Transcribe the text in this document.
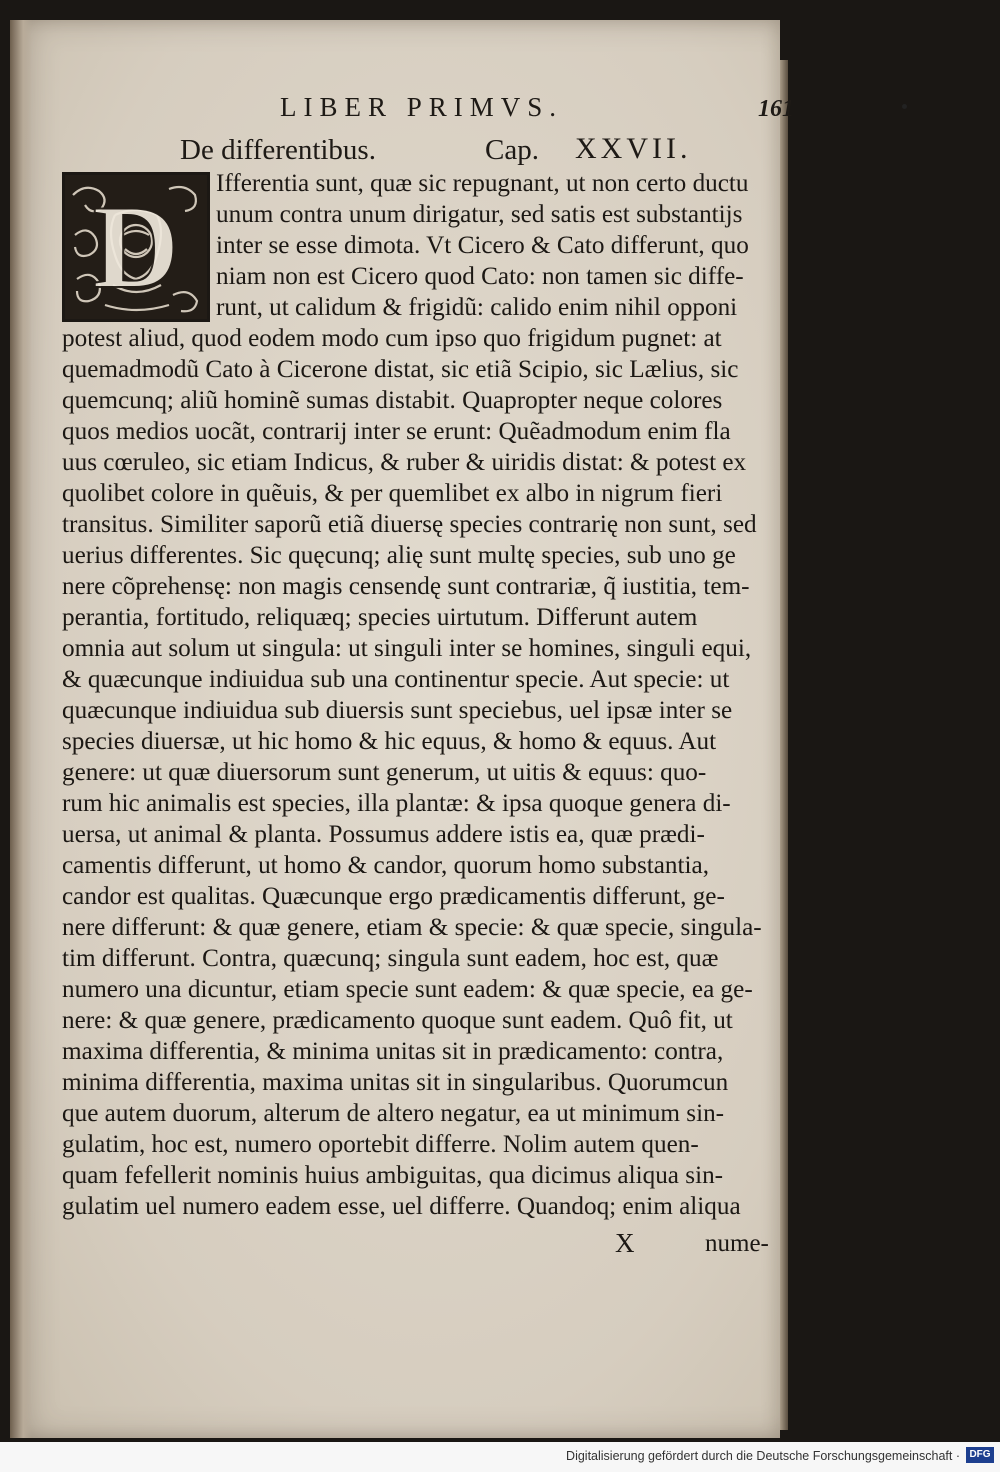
LIBER PRIMVS.	161
De differentibus.	Cap. XXVII.
D	Ifferentia sunt, quæ sic repugnant, ut non certo ductu
unum contra unum dirigatur, sed satis est substantijs
inter se esse dimota. Vt Cicero & Cato differunt, quo
niam non est Cicero quod Cato: non tamen sic diffe-
runt, ut calidum & frigidũ: calido enim nihil opponi
potest aliud, quod eodem modo cum ipso quo frigidum pugnet: at
quemadmodũ Cato à Cicerone distat, sic etiã Scipio, sic Lælius, sic
quemcunq; aliũ hominẽ sumas distabit. Quapropter neque colores
quos medios uocãt, contrarij inter se erunt: Quẽadmodum enim fla
uus cœruleo, sic etiam Indicus, & ruber & uiridis distat: & potest ex
quolibet colore in quẽuis, & per quemlibet ex albo in nigrum fieri
transitus. Similiter saporũ etiã diuersę species contrarię non sunt, sed
uerius differentes. Sic quęcunq; alię sunt multę species, sub uno ge
nere cõprehensę: non magis censendę sunt contrariæ, q̃ iustitia, tem-
perantia, fortitudo, reliquæq; species uirtutum. Differunt autem
omnia aut solum ut singula: ut singuli inter se homines, singuli equi,
& quæcunque indiuidua sub una continentur specie. Aut specie: ut
quæcunque indiuidua sub diuersis sunt speciebus, uel ipsæ inter se
species diuersæ, ut hic homo & hic equus, & homo & equus. Aut
genere: ut quæ diuersorum sunt generum, ut uitis & equus: quo-
rum hic animalis est species, illa plantæ: & ipsa quoque genera di-
uersa, ut animal & planta. Possumus addere istis ea, quæ prædi-
camentis differunt, ut homo & candor, quorum homo substantia,
candor est qualitas. Quæcunque ergo prædicamentis differunt, ge-
nere differunt: & quæ genere, etiam & specie: & quæ specie, singula-
tim differunt. Contra, quæcunq; singula sunt eadem, hoc est, quæ
numero una dicuntur, etiam specie sunt eadem: & quæ specie, ea ge-
nere: & quæ genere, prædicamento quoque sunt eadem. Quô fit, ut
maxima differentia, & minima unitas sit in prædicamento: contra,
minima differentia, maxima unitas sit in singularibus. Quorumcun
que autem duorum, alterum de altero negatur, ea ut minimum sin-
gulatim, hoc est, numero oportebit differre. Nolim autem quen-
quam fefellerit nominis huius ambiguitas, qua dicimus aliqua sin-
gulatim uel numero eadem esse, uel differre. Quandoq; enim aliqua
X	nume-
Digitalisierung gefördert durch die Deutsche Forschungsgemeinschaft · DFG
